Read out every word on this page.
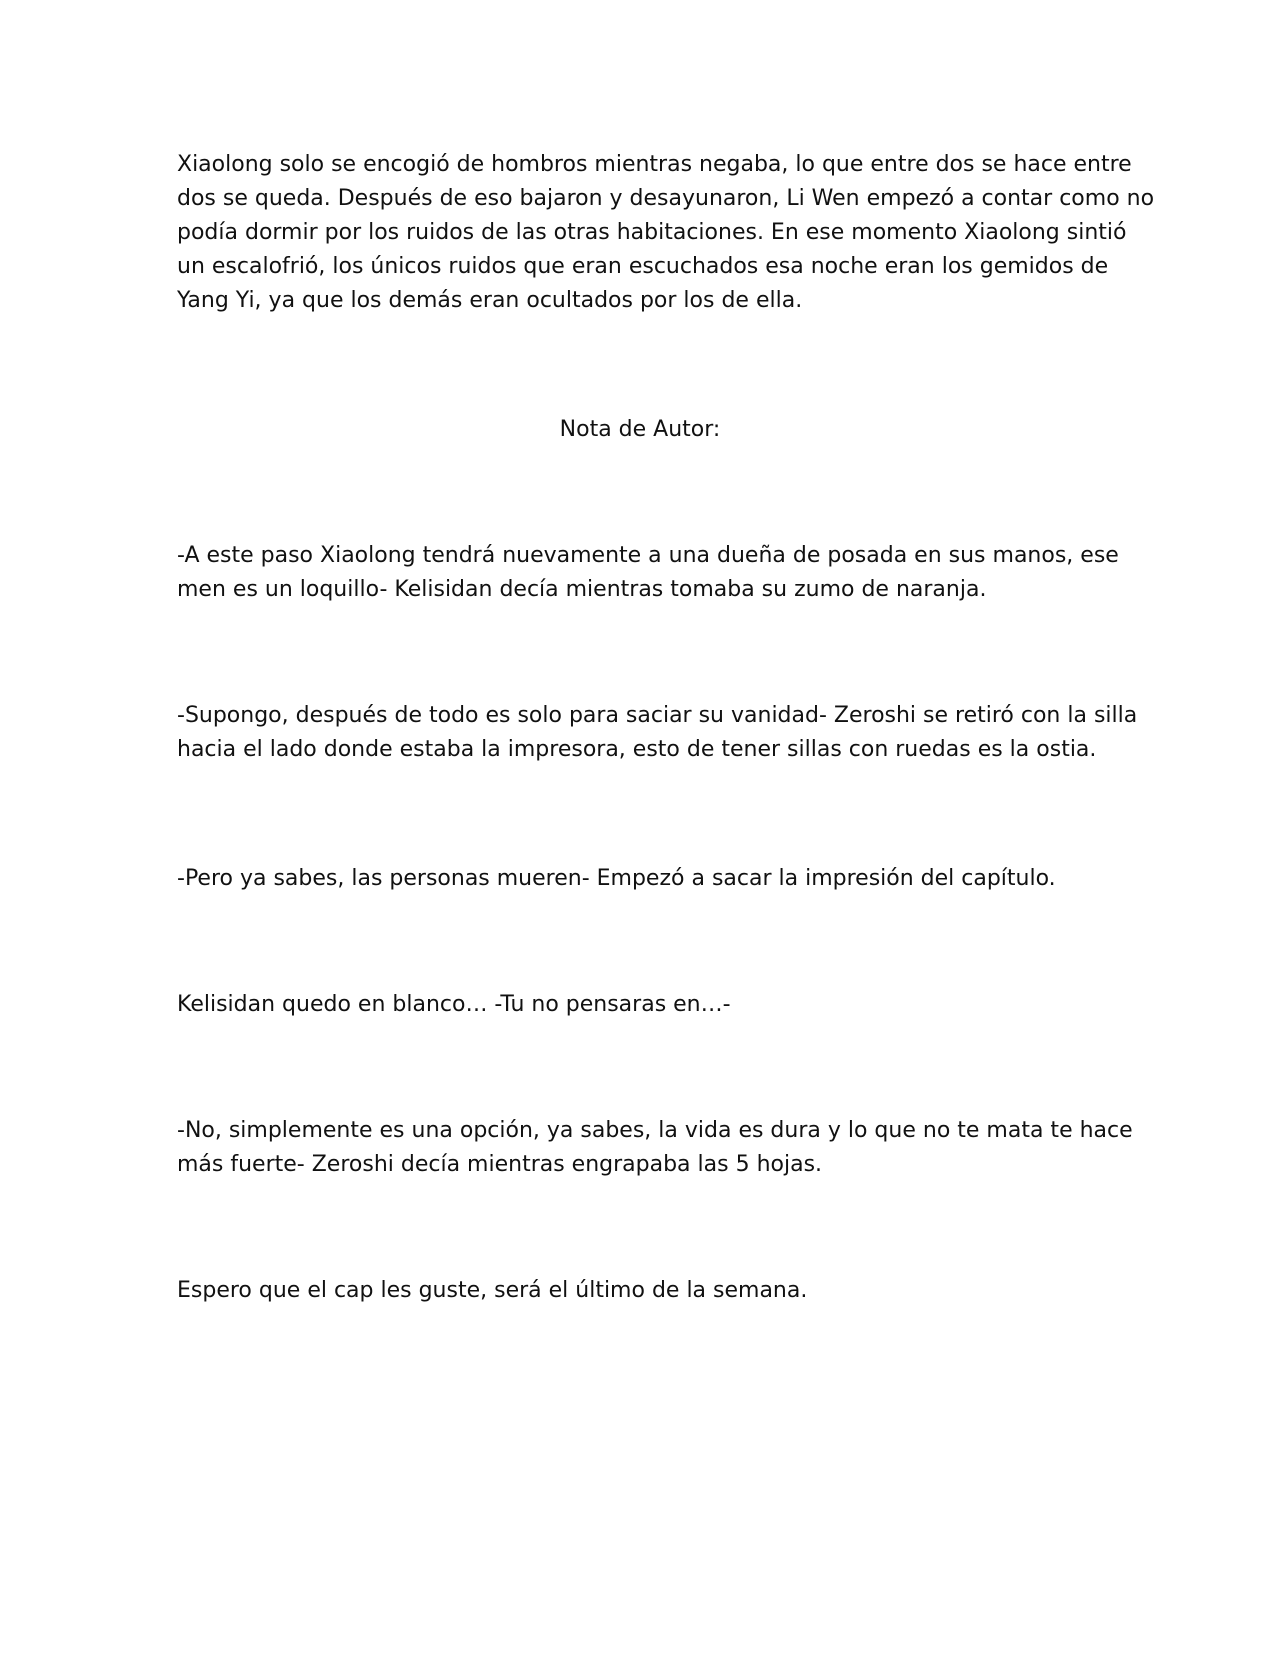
Xiaolong solo se encogió de hombros mientras negaba, lo que entre dos se hace entre
dos se queda. Después de eso bajaron y desayunaron, Li Wen empezó a contar como no
podía dormir por los ruidos de las otras habitaciones. En ese momento Xiaolong sintió
un escalofrió, los únicos ruidos que eran escuchados esa noche eran los gemidos de
Yang Yi, ya que los demás eran ocultados por los de ella.

Nota de Autor:

-A este paso Xiaolong tendrá nuevamente a una dueña de posada en sus manos, ese
men es un loquillo- Kelisidan decía mientras tomaba su zumo de naranja.

-Supongo, después de todo es solo para saciar su vanidad- Zeroshi se retiró con la silla
hacia el lado donde estaba la impresora, esto de tener sillas con ruedas es la ostia.

-Pero ya sabes, las personas mueren- Empezó a sacar la impresión del capítulo.

Kelisidan quedo en blanco… -Tu no pensaras en…-

-No, simplemente es una opción, ya sabes, la vida es dura y lo que no te mata te hace
más fuerte- Zeroshi decía mientras engrapaba las 5 hojas.

Espero que el cap les guste, será el último de la semana.
